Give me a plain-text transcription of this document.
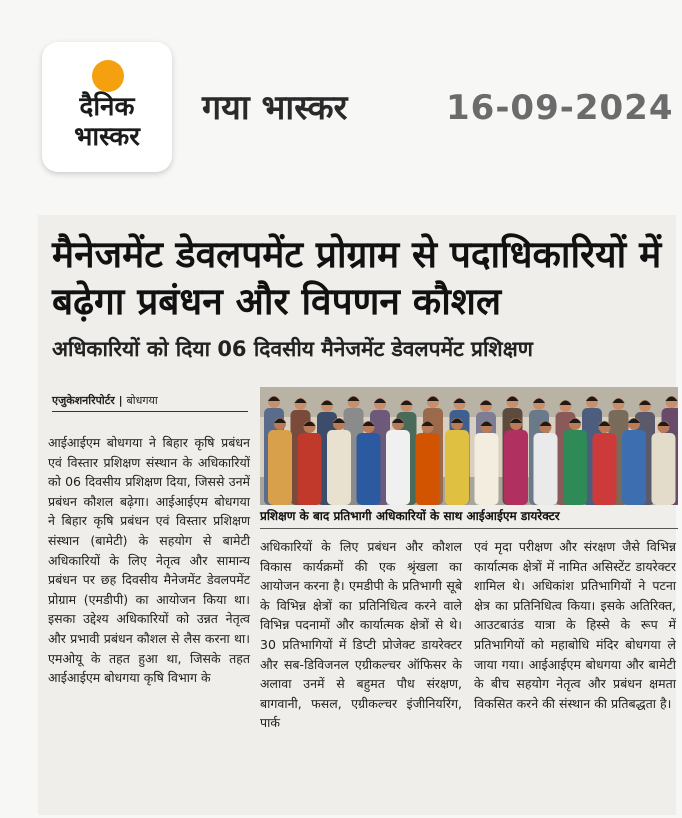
दैनिक
भास्कर
गया भास्कर	16-09-2024
मैनेजमेंट डेवलपमेंट प्रोग्राम से पदाधिकारियों में बढ़ेगा प्रबंधन और विपणन कौशल
अधिकारियों को दिया 06 दिवसीय मैनेजमेंट डेवलपमेंट प्रशिक्षण
एजुकेशनरिपोर्टर | बोधगया
प्रशिक्षण के बाद प्रतिभागी अधिकारियों के साथ आईआईएम डायरेक्टर
आईआईएम बोधगया ने बिहार कृषि प्रबंधन एवं विस्तार प्रशिक्षण संस्थान के अधिकारियों को 06 दिवसीय प्रशिक्षण दिया, जिससे उनमें प्रबंधन कौशल बढ़ेगा। आईआईएम बोधगया ने बिहार कृषि प्रबंधन एवं विस्तार प्रशिक्षण संस्थान (बामेटी) के सहयोग से बामेटी अधिकारियों के लिए नेतृत्व और सामान्य प्रबंधन पर छह दिवसीय मैनेजमेंट डेवलपमेंट प्रोग्राम (एमडीपी) का आयोजन किया था। इसका उद्देश्य अधिकारियों को उन्नत नेतृत्व और प्रभावी प्रबंधन कौशल से लैस करना था। एमओयू के तहत हुआ था, जिसके तहत आईआईएम बोधगया कृषि विभाग के
अधिकारियों के लिए प्रबंधन और कौशल विकास कार्यक्रमों की एक श्रृंखला का आयोजन करना है। एमडीपी के प्रतिभागी सूबे के विभिन्न क्षेत्रों का प्रतिनिधित्व करने वाले विभिन्न पदनामों और कार्यात्मक क्षेत्रों से थे। 30 प्रतिभागियों में डिप्टी प्रोजेक्ट डायरेक्टर और सब-डिविजनल एग्रीकल्चर ऑफिसर के अलावा उनमें से बहुमत पौध संरक्षण, बागवानी, फसल, एग्रीकल्चर इंजीनियरिंग, पार्क
एवं मृदा परीक्षण और संरक्षण जैसे विभिन्न कार्यात्मक क्षेत्रों में नामित असिस्टेंट डायरेक्टर शामिल थे। अधिकांश प्रतिभागियों ने पटना क्षेत्र का प्रतिनिधित्व किया। इसके अतिरिक्त, आउटबाउंड यात्रा के हिस्से के रूप में प्रतिभागियों को महाबोधि मंदिर बोधगया ले जाया गया। आईआईएम बोधगया और बामेटी के बीच सहयोग नेतृत्व और प्रबंधन क्षमता विकसित करने की संस्थान की प्रतिबद्धता है।
